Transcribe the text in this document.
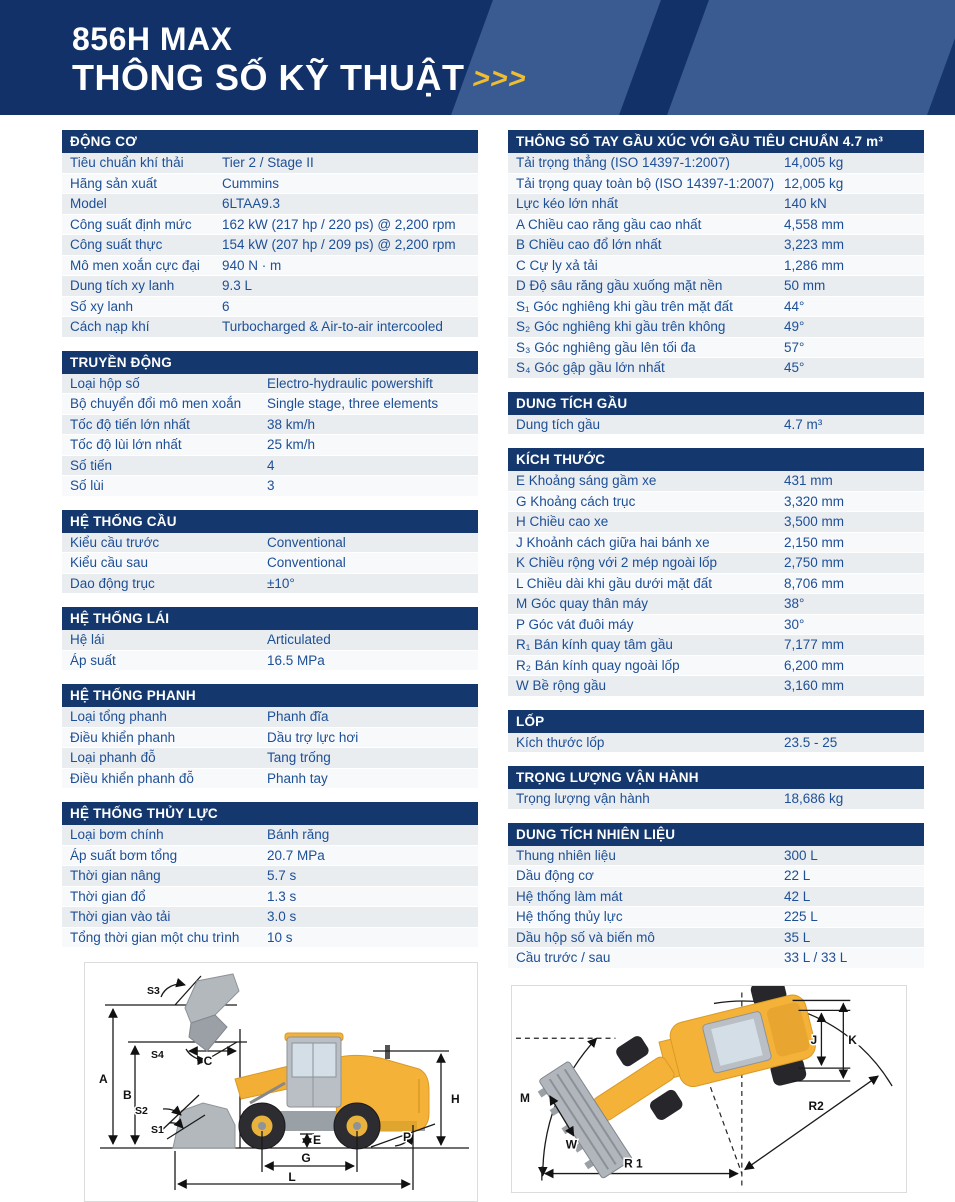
856H MAX
THÔNG SỐ KỸ THUẬT >>>
ĐỘNG CƠ
Tiêu chuẩn khí thải	Tier 2 / Stage II
Hãng sản xuất	Cummins
Model	6LTAA9.3
Công suất định mức	162 kW (217 hp / 220 ps) @ 2,200 rpm
Công suất thực	154 kW (207 hp / 209 ps) @ 2,200 rpm
Mô men xoắn cực đại	940 N · m
Dung tích xy lanh	9.3 L
Số xy lanh	6
Cách nạp khí	Turbocharged & Air-to-air intercooled
TRUYỀN ĐỘNG
Loại hộp số	Electro-hydraulic powershift
Bộ chuyển đổi mô men xoắn	Single stage, three elements
Tốc độ tiến lớn nhất	38 km/h
Tốc độ lùi lớn nhất	25 km/h
Số tiến	4
Số lùi	3
HỆ THỐNG CẦU
Kiểu cầu trước	Conventional
Kiểu cầu sau	Conventional
Dao động trục	±10°
HỆ THỐNG LÁI
Hệ lái	Articulated
Áp suất	16.5 MPa
HỆ THỐNG PHANH
Loại tổng phanh	Phanh đĩa
Điều khiển phanh	Dầu trợ lực hơi
Loại phanh đỗ	Tang trống
Điều khiển phanh đỗ	Phanh tay
HỆ THỐNG THỦY LỰC
Loại bơm chính	Bánh răng
Áp suất bơm tổng	20.7 MPa
Thời gian nâng	5.7 s
Thời gian đổ	1.3 s
Thời gian vào tải	3.0 s
Tổng thời gian một chu trình	10 s
THÔNG SỐ TAY GẦU XÚC VỚI GẦU TIÊU CHUẨN 4.7 m³
Tải trọng thẳng (ISO 14397-1:2007)	14,005 kg
Tải trọng quay toàn bộ (ISO 14397-1:2007) 12,005 kg
Lực kéo lớn nhất	140 kN
A Chiều cao răng gầu cao nhất	4,558 mm
B Chiều cao đổ lớn nhất	3,223 mm
C Cự ly xả tải	1,286 mm
D Độ sâu răng gầu xuống mặt nền	50 mm
S₁ Góc nghiêng khi gầu trên mặt đất	44°
S₂ Góc nghiêng khi gầu trên không	49°
S₃ Góc nghiêng gầu lên tối đa	57°
S₄ Góc gập gầu lớn nhất	45°
DUNG TÍCH GẦU
Dung tích gầu	4.7 m³
KÍCH THƯỚC
E Khoảng sáng gầm xe	431 mm
G Khoảng cách trục	3,320 mm
H Chiều cao xe	3,500 mm
J Khoảnh cách giữa hai bánh xe	2,150 mm
K Chiều rộng với 2 mép ngoài lốp	2,750 mm
L Chiều dài khi gầu dưới mặt đất	8,706 mm
M Góc quay thân máy	38°
P Góc vát đuôi máy	30°
R₁ Bán kính quay tâm gầu	7,177 mm
R₂ Bán kính quay ngoài lốp	6,200 mm
W Bề rộng gầu	3,160 mm
LỐP
Kích thước lốp	23.5 - 25
TRỌNG LƯỢNG VẬN HÀNH
Trọng lượng vận hành	18,686 kg
DUNG TÍCH NHIÊN LIỆU
Thung nhiên liệu	300 L
Dầu động cơ	22 L
Hệ thống làm mát	42 L
Hệ thống thủy lực	225 L
Dầu hộp số và biến mô	35 L
Cầu trước / sau	33 L / 33 L
A
B
C
S3
S4
S2
S1
E
G
L
H
P
M
W
R 1
R2
J	K
